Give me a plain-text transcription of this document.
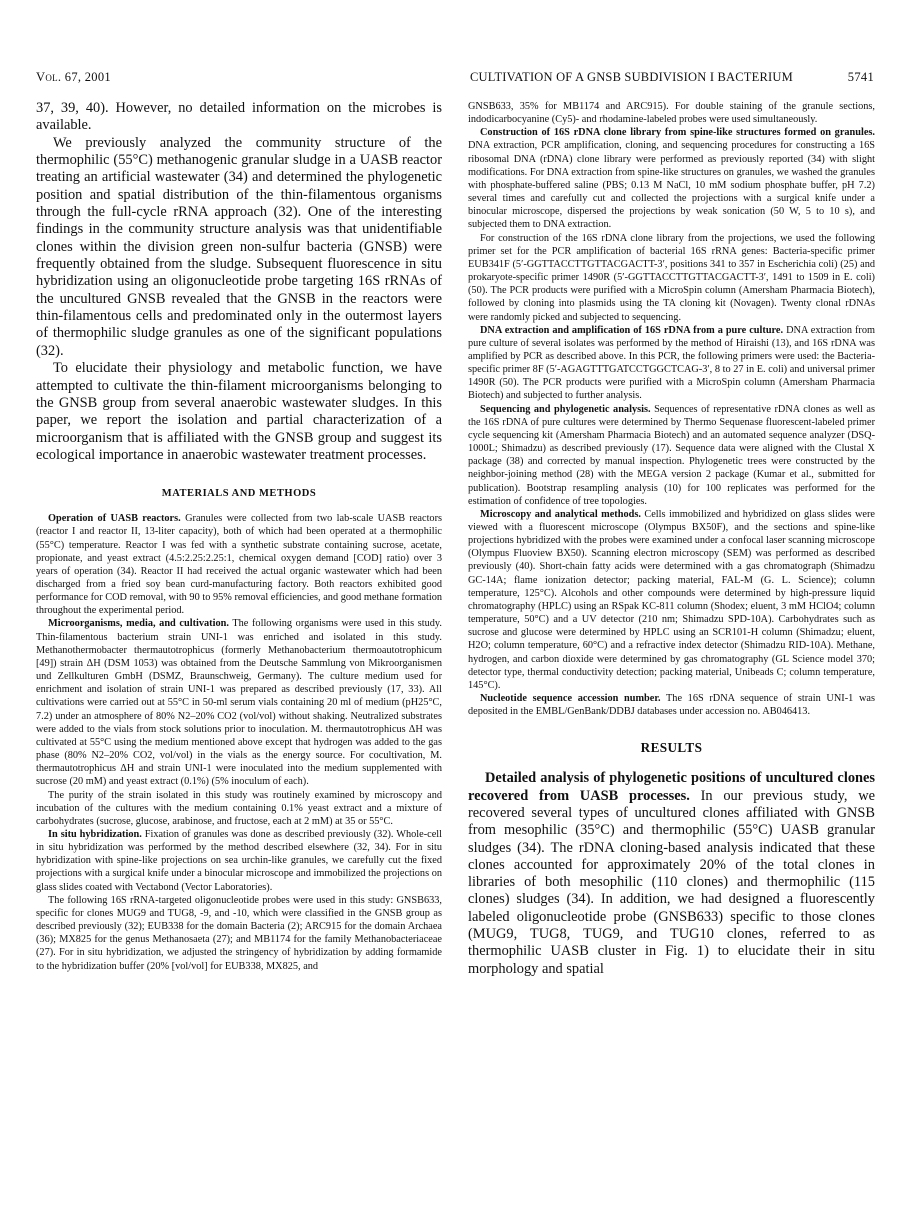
Vol. 67, 2001	CULTIVATION OF A GNSB SUBDIVISION I BACTERIUM	5741

37, 39, 40). However, no detailed information on the microbes is available.

We previously analyzed the community structure of the thermophilic (55°C) methanogenic granular sludge in a UASB reactor treating an artificial wastewater (34) and determined the phylogenetic position and spatial distribution of the thin-filamentous organisms through the full-cycle rRNA approach (32). One of the interesting findings in the community structure analysis was that unidentifiable clones within the division green non-sulfur bacteria (GNSB) were frequently obtained from the sludge. Subsequent fluorescence in situ hybridization using an oligonucleotide probe targeting 16S rRNAs of the uncultured GNSB revealed that the GNSB in the reactors were thin-filamentous cells and predominated only in the outermost layers of thermophilic sludge granules as one of the significant populations (32).

To elucidate their physiology and metabolic function, we have attempted to cultivate the thin-filament microorganisms belonging to the GNSB group from several anaerobic wastewater sludges. In this paper, we report the isolation and partial characterization of a microorganism that is affiliated with the GNSB group and suggest its ecological importance in anaerobic wastewater treatment processes.

MATERIALS AND METHODS

Operation of UASB reactors. Granules were collected from two lab-scale UASB reactors (reactor I and reactor II, 13-liter capacity), both of which had been operated at a thermophilic (55°C) temperature. Reactor I was fed with a synthetic substrate containing sucrose, acetate, propionate, and yeast extract (4.5:2.25:2.25:1, chemical oxygen demand [COD] ratio) over 3 years of operation (34). Reactor II had received the actual organic wastewater which had been discharged from a fried soy bean curd-manufacturing factory. Both reactors exhibited good performance for COD removal, with 90 to 95% removal efficiencies, and good methane formation throughout the experimental period.

Microorganisms, media, and cultivation. The following organisms were used in this study. Thin-filamentous bacterium strain UNI-1 was enriched and isolated in this study. Methanothermobacter thermautotrophicus (formerly Methanobacterium thermoautotrophicum [49]) strain ΔH (DSM 1053) was obtained from the Deutsche Sammlung von Mikroorganismen und Zellkulturen GmbH (DSMZ, Braunschweig, Germany). The culture medium used for enrichment and isolation of strain UNI-1 was prepared as described previously (17, 33). All cultivations were carried out at 55°C in 50-ml serum vials containing 20 ml of medium (pH25°C, 7.2) under an atmosphere of 80% N2–20% CO2 (vol/vol) without shaking. Neutralized substrates were added to the vials from stock solutions prior to inoculation. M. thermautotrophicus ΔH was cultivated at 55°C using the medium mentioned above except that hydrogen was added to the gas phase (80% N2–20% CO2, vol/vol) in the vials as the energy source. For cocultivation, M. thermautotrophicus ΔH and strain UNI-1 were inoculated into the medium supplemented with sucrose (20 mM) and yeast extract (0.1%) (5% inoculum of each).

The purity of the strain isolated in this study was routinely examined by microscopy and incubation of the cultures with the medium containing 0.1% yeast extract and a mixture of carbohydrates (sucrose, glucose, arabinose, and fructose, each at 2 mM) at 35 or 55°C.

In situ hybridization. Fixation of granules was done as described previously (32). Whole-cell in situ hybridization was performed by the method described elsewhere (32, 34). For in situ hybridization with spine-like projections on sea urchin-like granules, we carefully cut the fixed projections with a surgical knife under a binocular microscope and immobilized the projections on glass slides coated with Vectabond (Vector Laboratories).

The following 16S rRNA-targeted oligonucleotide probes were used in this study: GNSB633, specific for clones MUG9 and TUG8, -9, and -10, which were classified in the GNSB group as described previously (32); EUB338 for the domain Bacteria (2); ARC915 for the domain Archaea (36); MX825 for the genus Methanosaeta (27); and MB1174 for the family Methanobacteriaceae (27). For in situ hybridization, we adjusted the stringency of hybridization by adding formamide to the hybridization buffer (20% [vol/vol] for EUB338, MX825, and

GNSB633, 35% for MB1174 and ARC915). For double staining of the granule sections, indodicarbocyanine (Cy5)- and rhodamine-labeled probes were used simultaneously.

Construction of 16S rDNA clone library from spine-like structures formed on granules. DNA extraction, PCR amplification, cloning, and sequencing procedures for constructing a 16S ribosomal DNA (rDNA) clone library were performed as previously reported (34) with slight modifications. For DNA extraction from spine-like structures on granules, we washed the granules with phosphate-buffered saline (PBS; 0.13 M NaCl, 10 mM sodium phosphate buffer, pH 7.2) several times and carefully cut and collected the projections with a surgical knife under a binocular microscope, dispersed the projections by weak sonication (50 W, 5 to 10 s), and subjected them to DNA extraction.

For construction of the 16S rDNA clone library from the projections, we used the following primer set for the PCR amplification of bacterial 16S rRNA genes: Bacteria-specific primer EUB341F (5′-GGTTACCTTGTTACGACTT-3′, positions 341 to 357 in Escherichia coli) (25) and prokaryote-specific primer 1490R (5′-GGTTACCTTGTTACGACTT-3′, 1491 to 1509 in E. coli) (50). The PCR products were purified with a MicroSpin column (Amersham Pharmacia Biotech), followed by cloning into plasmids using the TA cloning kit (Novagen). Twenty clonal rDNAs were randomly picked and subjected to sequencing.

DNA extraction and amplification of 16S rDNA from a pure culture. DNA extraction from pure culture of several isolates was performed by the method of Hiraishi (13), and 16S rDNA was amplified by PCR as described above. In this PCR, the following primers were used: the Bacteria-specific primer 8F (5′-AGAGTTTGATCCTGGCTCAG-3′, 8 to 27 in E. coli) and universal primer 1490R (50). The PCR products were purified with a MicroSpin column (Amersham Pharmacia Biotech) and subjected to further analysis.

Sequencing and phylogenetic analysis. Sequences of representative rDNA clones as well as the 16S rDNA of pure cultures were determined by Thermo Sequenase fluorescent-labeled primer cycle sequencing kit (Amersham Pharmacia Biotech) and an automated sequence analyzer (DSQ-1000L; Shimadzu) as described previously (17). Sequence data were aligned with the Clustal X package (38) and corrected by manual inspection. Phylogenetic trees were constructed by the neighbor-joining method (28) with the MEGA version 2 package (Kumar et al., submitted for publication). Bootstrap resampling analysis (10) for 100 replicates was performed for the estimation of confidence of tree topologies.

Microscopy and analytical methods. Cells immobilized and hybridized on glass slides were viewed with a fluorescent microscope (Olympus BX50F), and the sections and spine-like projections hybridized with the probes were examined under a confocal laser scanning microscope (Olympus Fluoview BX50). Scanning electron microscopy (SEM) was performed as described previously (40). Short-chain fatty acids were determined with a gas chromatograph (Shimadzu GC-14A; flame ionization detector; packing material, FAL-M (G. L. Science); column temperature, 125°C). Alcohols and other compounds were determined by high-pressure liquid chromatography (HPLC) using an RSpak KC-811 column (Shodex; eluent, 3 mM HClO4; column temperature, 50°C) and a UV detector (210 nm; Shimadzu SPD-10A). Carbohydrates such as sucrose and glucose were determined by HPLC using an SCR101-H column (Shimadzu; eluent, H2O; column temperature, 60°C) and a refractive index detector (Shimadzu RID-10A). Methane, hydrogen, and carbon dioxide were determined by gas chromatography (GL Science model 370; detector type, thermal conductivity detection; packing material, Unibeads C; column temperature, 145°C).

Nucleotide sequence accession number. The 16S rDNA sequence of strain UNI-1 was deposited in the EMBL/GenBank/DDBJ databases under accession no. AB046413.

RESULTS

Detailed analysis of phylogenetic positions of uncultured clones recovered from UASB processes. In our previous study, we recovered several types of uncultured clones affiliated with GNSB from mesophilic (35°C) and thermophilic (55°C) UASB granular sludges (34). The rDNA cloning-based analysis indicated that these clones accounted for approximately 20% of the total clones in libraries of both mesophilic (110 clones) and thermophilic (115 clones) sludges (34). In addition, we had designed a fluorescently labeled oligonucleotide probe (GNSB633) specific to those clones (MUG9, TUG8, TUG9, and TUG10 clones, referred to as thermophilic UASB cluster in Fig. 1) to elucidate their in situ morphology and spatial
